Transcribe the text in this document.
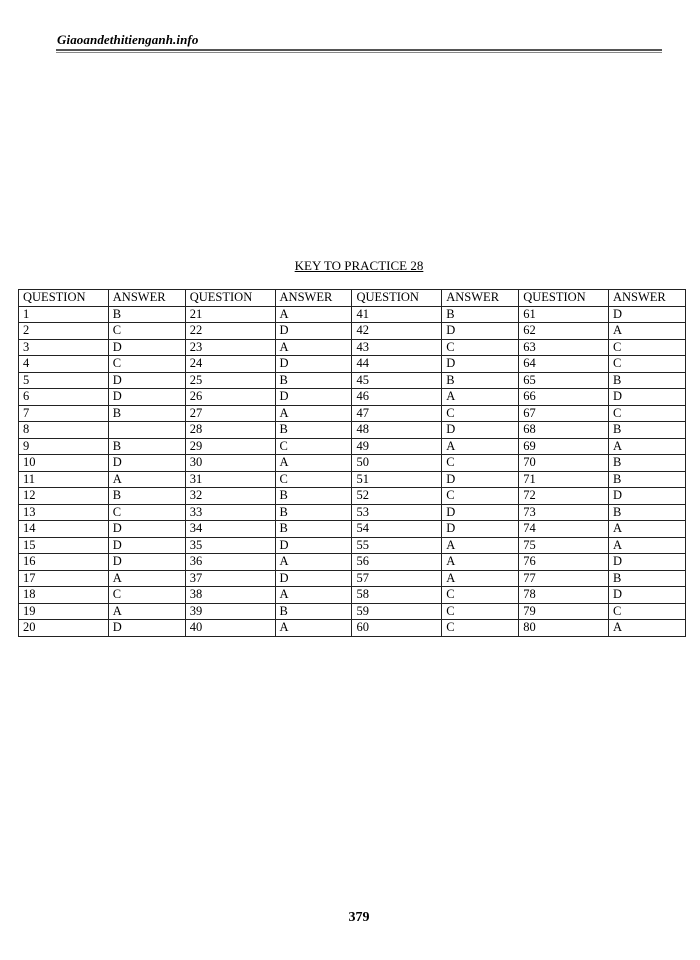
Giaoandethitienganh.info
KEY TO PRACTICE 28
QUESTION	ANSWER	QUESTION	ANSWER	QUESTION	ANSWER	QUESTION	ANSWER
1	B	21	A	41	B	61	D
2	C	22	D	42	D	62	A
3	D	23	A	43	C	63	C
4	C	24	D	44	D	64	C
5	D	25	B	45	B	65	B
6	D	26	D	46	A	66	D
7	B	27	A	47	C	67	C
8		28	B	48	D	68	B
9	B	29	C	49	A	69	A
10	D	30	A	50	C	70	B
11	A	31	C	51	D	71	B
12	B	32	B	52	C	72	D
13	C	33	B	53	D	73	B
14	D	34	B	54	D	74	A
15	D	35	D	55	A	75	A
16	D	36	A	56	A	76	D
17	A	37	D	57	A	77	B
18	C	38	A	58	C	78	D
19	A	39	B	59	C	79	C
20	D	40	A	60	C	80	A
379
